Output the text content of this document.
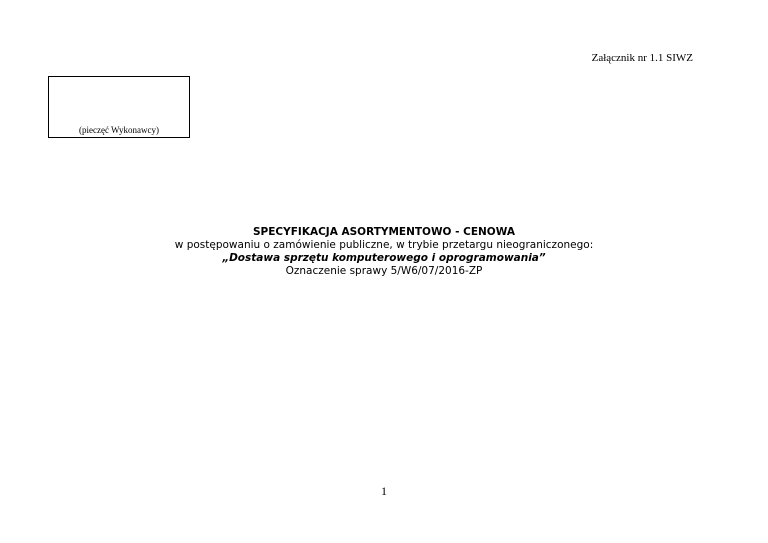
Załącznik nr 1.1 SIWZ
(pieczęć Wykonawcy)
SPECYFIKACJA ASORTYMENTOWO - CENOWA
w postępowaniu o zamówienie publiczne, w trybie przetargu nieograniczonego:
„Dostawa sprzętu komputerowego i oprogramowania”
Oznaczenie sprawy 5/W6/07/2016-ZP
1
